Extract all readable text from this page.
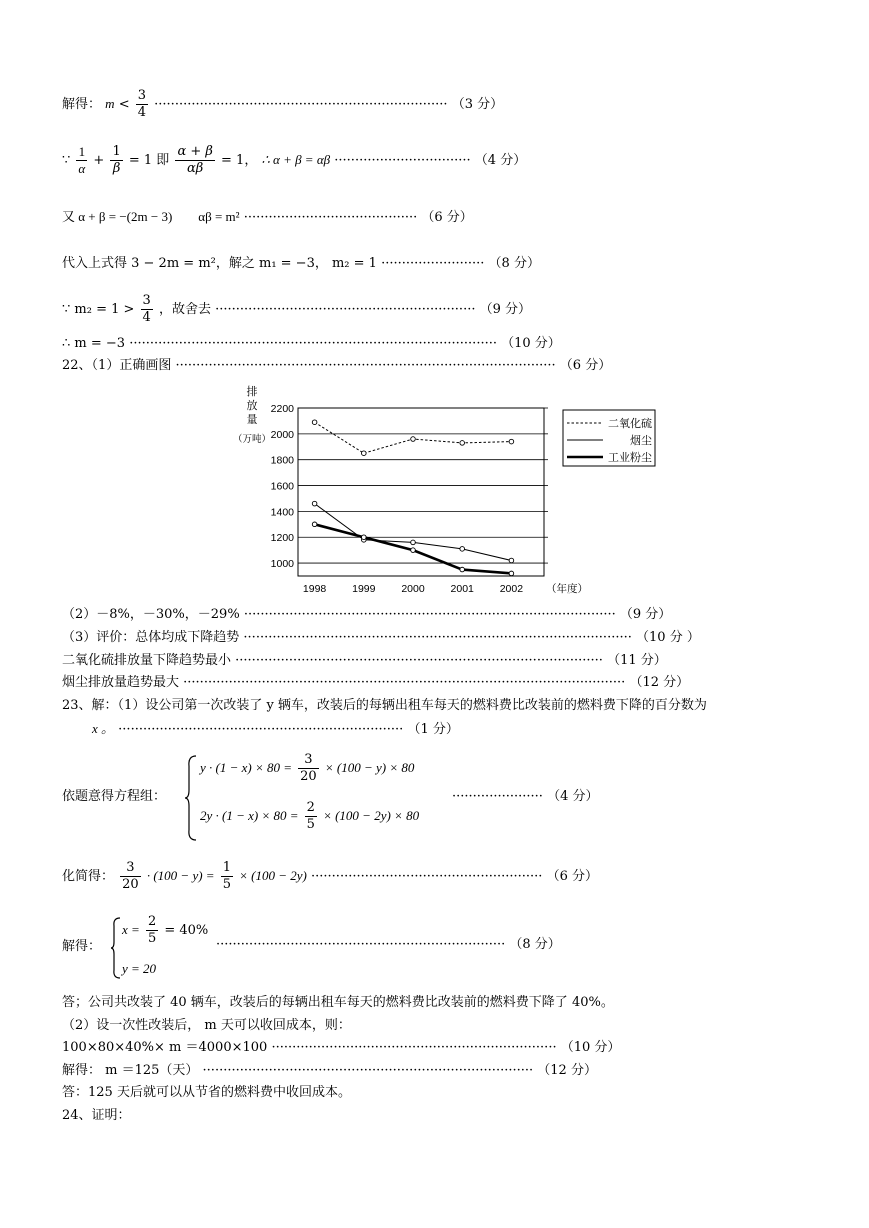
解得： $m < \frac{3}{4}$ ······································································· （3 分）
∵ $\frac{1}{\alpha} + \frac{1}{\beta} = 1$ 即 $\frac{\alpha + \beta}{\alpha\beta} = 1$， ∴ α + β = αβ ································· （4 分）
又 α + β = −(2m − 3)　　αβ = m² ·········································· （6 分）
代入上式得 3 − 2m = m²，解之 m₁ = −3， m₂ = 1 ························· （8 分）
∵ $m_2 = 1 > \frac{3}{4}$ ，故舍去 ······························································· （9 分）
∴ m = −3 ························································································· （10 分）
22、（1）正确画图 ···························································································· （6 分）
1000
1200
1400
1600
1800
2000
2200
1998 1999 2000 2001 2002 （年度）
排
放
量
（万吨）
二氧化硫
烟尘
工业粉尘
（2）－8%，－30%，－29% ·························································································· （9 分）
（3）评价：总体均成下降趋势 ······························································································ （10 分 ）
二氧化硫排放量下降趋势最小 ························································································· （11 分）
烟尘排放量趋势最大 ··········································································································· （12 分）
23、解：（1）设公司第一次改装了 y 辆车，改装后的每辆出租车每天的燃料费比改装前的燃料费下降的百分数为
x 。 ····································································· （1 分）
依题意得方程组：
$y \cdot (1 - x) \times 80 = \frac{3}{20} \times (100 - y) \times 80$
$2y \cdot (1 - x) \times 80 = \frac{2}{5} \times (100 - 2y) \times 80$
······················ （4 分）
化简得： $\frac{3}{20} \cdot (100 - y) = \frac{1}{5} \times (100 - 2y)$ ························································ （6 分）
解得：
$x = \frac{2}{5} = 40\%$
y = 20
······································································ （8 分）
答；公司共改装了 40 辆车，改装后的每辆出租车每天的燃料费比改装前的燃料费下降了 40%。
（2）设一次性改装后， m 天可以收回成本，则：
100×80×40%× m ＝4000×100 ····································································· （10 分）
解得： m ＝125（天） ················································································ （12 分）
答：125 天后就可以从节省的燃料费中收回成本。
24、证明：
